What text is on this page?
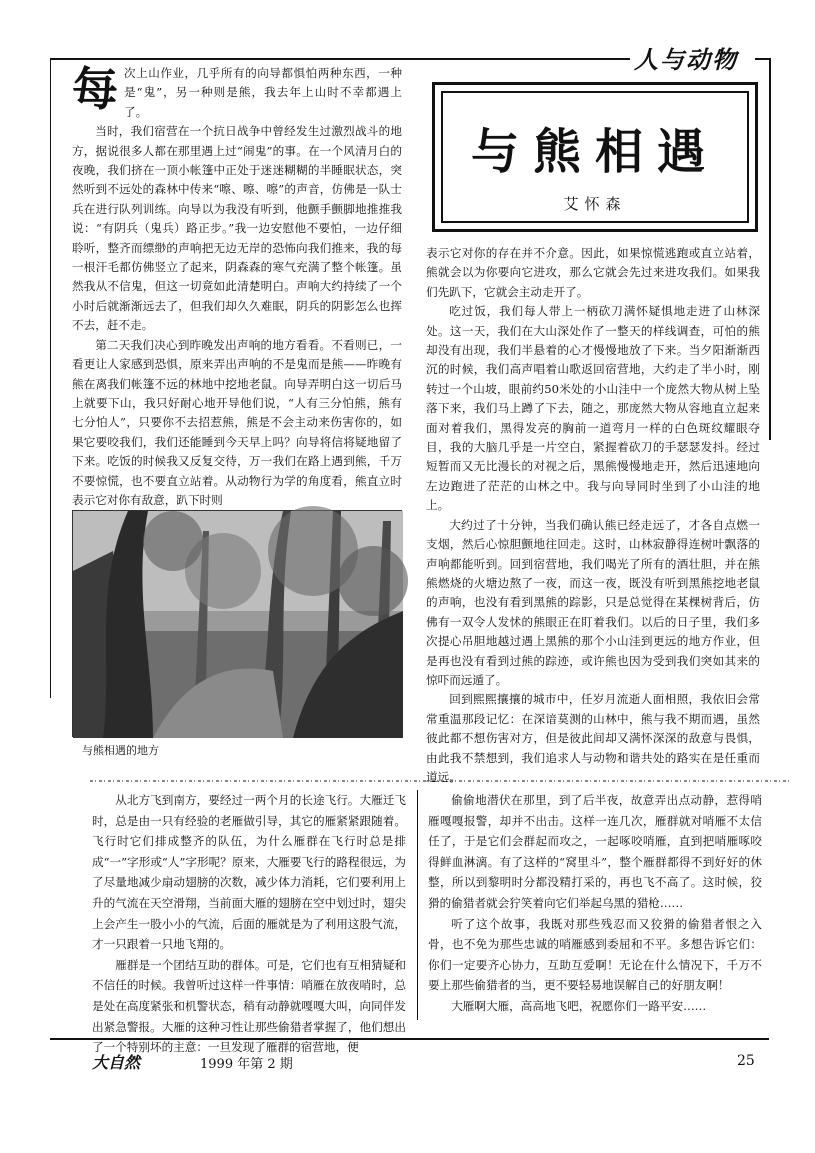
人与动物
与熊相遇
艾怀森
每 次上山作业，几乎所有的向导都惧怕两种东西，一种是“鬼”，另一种则是熊，我去年上山时不幸都遇上了。

当时，我们宿营在一个抗日战争中曾经发生过激烈战斗的地方，据说很多人都在那里遇上过“闹鬼”的事。在一个风清月白的夜晚，我们挤在一顶小帐篷中正处于迷迷糊糊的半睡眠状态，突然听到不远处的森林中传来“嚓、嚓、嚓”的声音，仿佛是一队士兵在进行队列训练。向导以为我没有听到，他颤手颤脚地推推我说：“有阴兵（鬼兵）路正步。”我一边安慰他不要怕，一边仔细聆听，整齐而缥缈的声响把无边无岸的恐怖向我们推来，我的每一根汗毛都仿佛竖立了起来，阴森森的寒气充满了整个帐篷。虽然我从不信鬼，但这一切竟如此清楚明白。声响大约持续了一个小时后就渐渐远去了，但我们却久久难眠，阴兵的阴影怎么也挥不去，赶不走。

第二天我们决心到昨晚发出声响的地方看看。不看则已，一看更让人家感到恐惧，原来弄出声响的不是鬼而是熊——昨晚有熊在离我们帐篷不远的林地中挖地老鼠。向导弄明白这一切后马上就要下山，我只好耐心地开导他们说，“人有三分怕熊，熊有七分怕人”，只要你不去招惹熊，熊是不会主动来伤害你的，如果它要咬我们，我们还能睡到今天早上吗？向导将信将疑地留了下来。吃饭的时候我又反复交待，万一我们在路上遇到熊，千万不要惊慌，也不要直立站着。从动物行为学的角度看，熊直立时表示它对你有敌意，趴下时则

表示它对你的存在并不介意。因此，如果惊慌逃跑或直立站着，熊就会以为你要向它进攻，那么它就会先过来进攻我们。如果我们先趴下，它就会主动走开了。

吃过饭，我们每人带上一柄砍刀满怀疑惧地走进了山林深处。这一天，我们在大山深处作了一整天的样线调查，可怕的熊却没有出现，我们半悬着的心才慢慢地放了下来。当夕阳渐渐西沉的时候，我们高声唱着山歌返回宿营地，大约走了半小时，刚转过一个山坡，眼前约50米处的小山洼中一个庞然大物从树上坠落下来，我们马上蹲了下去，随之，那庞然大物从容地直立起来面对着我们，黑得发亮的胸前一道弯月一样的白色斑纹耀眼夺目，我的大脑几乎是一片空白，紧握着砍刀的手瑟瑟发抖。经过短暂而又无比漫长的对视之后，黑熊慢慢地走开，然后迅速地向左边跑进了茫茫的山林之中。我与向导同时坐到了小山洼的地上。

大约过了十分钟，当我们确认熊已经走远了，才各自点燃一支烟，然后心惊胆颤地往回走。这时，山林寂静得连树叶飘落的声响都能听到。回到宿营地，我们喝光了所有的酒壮胆，并在熊熊燃烧的火塘边熬了一夜，而这一夜，既没有听到黑熊挖地老鼠的声响，也没有看到黑熊的踪影，只是总觉得在某棵树背后，仿佛有一双令人发怵的熊眼正在盯着我们。以后的日子里，我们多次提心吊胆地越过遇上黑熊的那个小山洼到更远的地方作业，但是再也没有看到过熊的踪迹，或许熊也因为受到我们突如其来的惊吓而远遁了。

回到熙熙攘攘的城市中，任岁月流逝人面相照，我依旧会常常重温那段记忆：在深谙莫测的山林中，熊与我不期而遇，虽然彼此都不想伤害对方，但是彼此间却又满怀深深的敌意与畏惧，由此我不禁想到，我们追求人与动物和谐共处的路实在是任重而道远。

与熊相遇的地方

从北方飞到南方，要经过一两个月的长途飞行。大雁迁飞时，总是由一只有经验的老雁做引导，其它的雁紧紧跟随着。飞行时它们排成整齐的队伍，为什么雁群在飞行时总是排成“一”字形或“人”字形呢？原来，大雁要飞行的路程很远，为了尽量地减少扇动翅膀的次数，减少体力消耗，它们要利用上升的气流在天空滑翔，当前面大雁的翅膀在空中划过时，翅尖上会产生一股小小的气流，后面的雁就是为了利用这股气流，才一只跟着一只地飞翔的。

雁群是一个团结互助的群体。可是，它们也有互相猜疑和不信任的时候。我曾听过这样一件事情：哨雁在放夜哨时，总是处在高度紧张和机警状态，稍有动静就嘎嘎大叫，向同伴发出紧急警报。大雁的这种习性让那些偷猎者掌握了，他们想出了一个特别坏的主意：一旦发现了雁群的宿营地，便

偷偷地潜伏在那里，到了后半夜，故意弄出点动静，惹得哨雁嘎嘎报警，却并不出击。这样一连几次，雁群就对哨雁不太信任了，于是它们会群起而攻之，一起啄咬哨雁，直到把哨雁啄咬得鲜血淋漓。有了这样的“窝里斗”，整个雁群都得不到好好的休整，所以到黎明时分都没精打采的，再也飞不高了。这时候，狡猾的偷猎者就会狞笑着向它们举起乌黑的猎枪……

听了这个故事，我既对那些残忍而又狡猾的偷猎者恨之入骨，也不免为那些忠诚的哨雁感到委屈和不平。多想告诉它们：你们一定要齐心协力，互助互爱啊！无论在什么情况下，千万不要上那些偷猎者的当，更不要轻易地误解自己的好朋友啊！

大雁啊大雁，高高地飞吧，祝愿你们一路平安……

大自然	1999 年第 2 期	25
